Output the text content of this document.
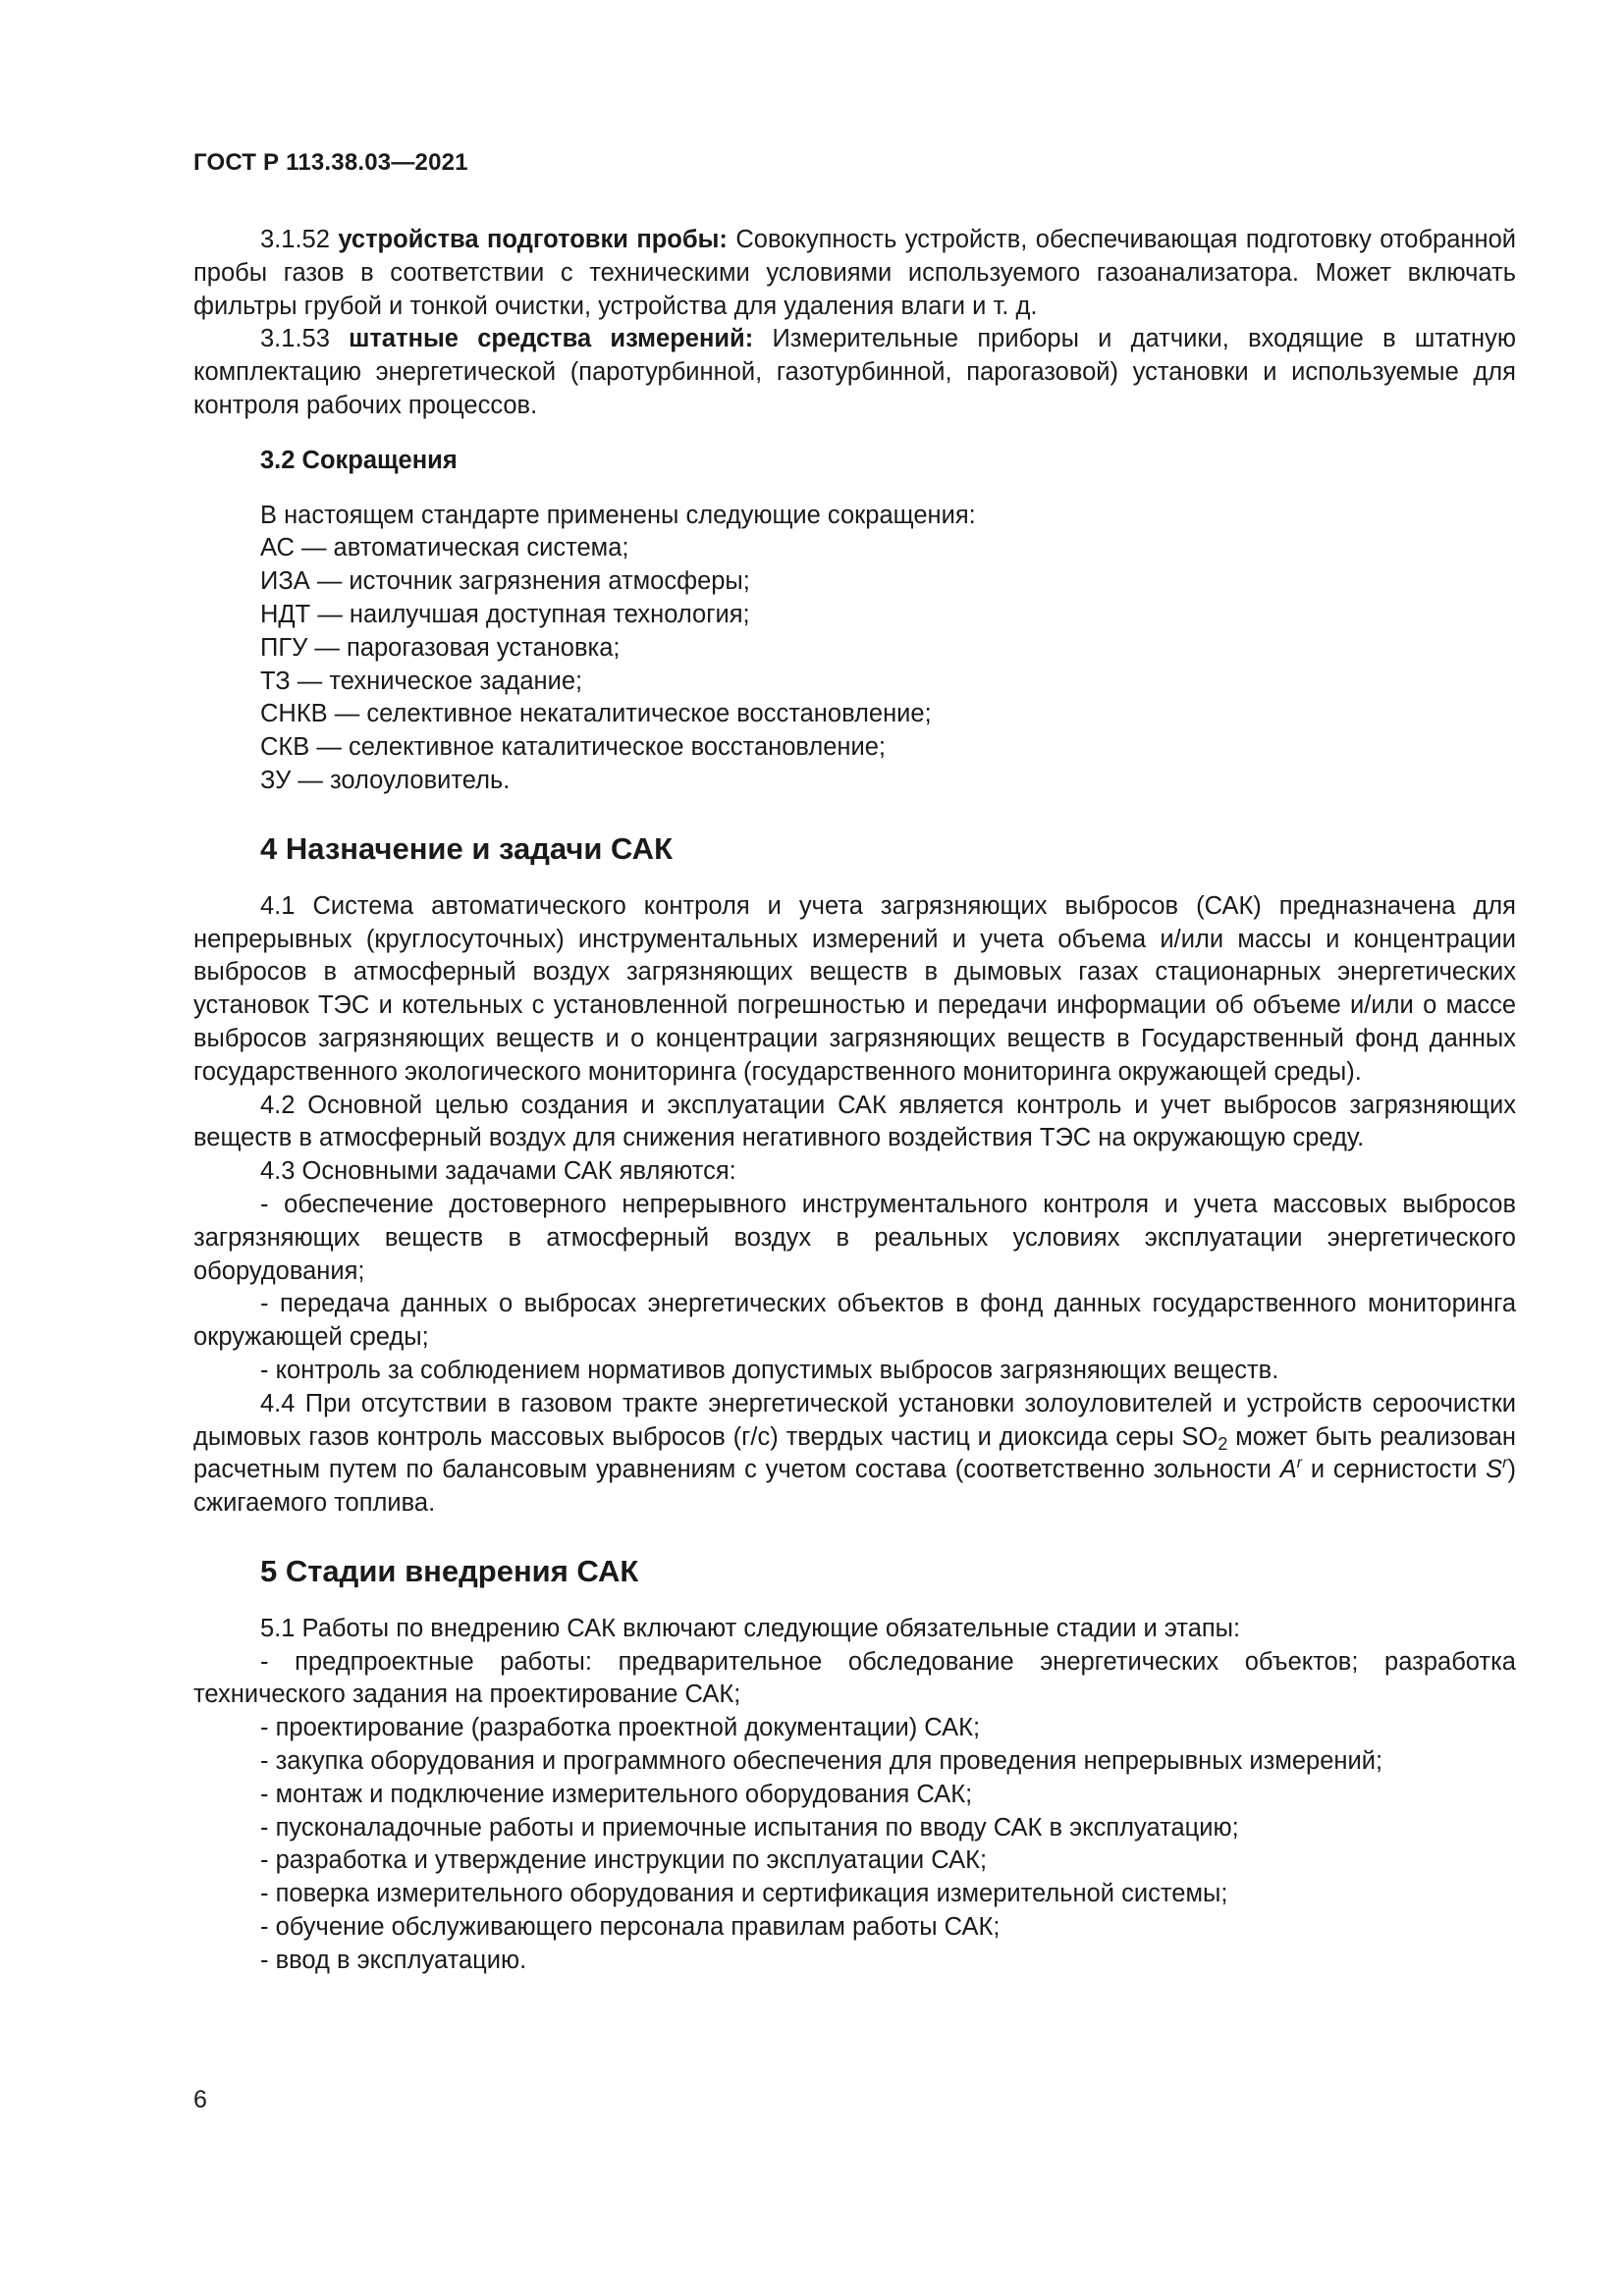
ГОСТ Р 113.38.03—2021

3.1.52 устройства подготовки пробы: Совокупность устройств, обеспечивающая подготовку отобранной пробы газов в соответствии с техническими условиями используемого газоанализатора. Может включать фильтры грубой и тонкой очистки, устройства для удаления влаги и т. д.

3.1.53 штатные средства измерений: Измерительные приборы и датчики, входящие в штатную комплектацию энергетической (паротурбинной, газотурбинной, парогазовой) установки и используемые для контроля рабочих процессов.

3.2 Сокращения

В настоящем стандарте применены следующие сокращения:

АС — автоматическая система;

ИЗА — источник загрязнения атмосферы;

НДТ — наилучшая доступная технология;

ПГУ — парогазовая установка;

ТЗ — техническое задание;

СНКВ — селективное некаталитическое восстановление;

СКВ — селективное каталитическое восстановление;

ЗУ — золоуловитель.

4 Назначение и задачи САК

4.1 Система автоматического контроля и учета загрязняющих выбросов (САК) предназначена для непрерывных (круглосуточных) инструментальных измерений и учета объема и/или массы и концентрации выбросов в атмосферный воздух загрязняющих веществ в дымовых газах стационарных энергетических установок ТЭС и котельных с установленной погрешностью и передачи информации об объеме и/или о массе выбросов загрязняющих веществ и о концентрации загрязняющих веществ в Государственный фонд данных государственного экологического мониторинга (государственного мониторинга окружающей среды).

4.2 Основной целью создания и эксплуатации САК является контроль и учет выбросов загрязняющих веществ в атмосферный воздух для снижения негативного воздействия ТЭС на окружающую среду.

4.3 Основными задачами САК являются:

- обеспечение достоверного непрерывного инструментального контроля и учета массовых выбросов загрязняющих веществ в атмосферный воздух в реальных условиях эксплуатации энергетического оборудования;

- передача данных о выбросах энергетических объектов в фонд данных государственного мониторинга окружающей среды;

- контроль за соблюдением нормативов допустимых выбросов загрязняющих веществ.

4.4 При отсутствии в газовом тракте энергетической установки золоуловителей и устройств сероочистки дымовых газов контроль массовых выбросов (г/с) твердых частиц и диоксида серы $SO_2$ может быть реализован расчетным путем по балансовым уравнениям с учетом состава (соответственно зольности $A^r$ и сернистости $S^r$) сжигаемого топлива.

5 Стадии внедрения САК

5.1 Работы по внедрению САК включают следующие обязательные стадии и этапы:

- предпроектные работы: предварительное обследование энергетических объектов; разработка технического задания на проектирование САК;

- проектирование (разработка проектной документации) САК;

- закупка оборудования и программного обеспечения для проведения непрерывных измерений;

- монтаж и подключение измерительного оборудования САК;

- пусконаладочные работы и приемочные испытания по вводу САК в эксплуатацию;

- разработка и утверждение инструкции по эксплуатации САК;

- поверка измерительного оборудования и сертификация измерительной системы;

- обучение обслуживающего персонала правилам работы САК;

- ввод в эксплуатацию.

6
